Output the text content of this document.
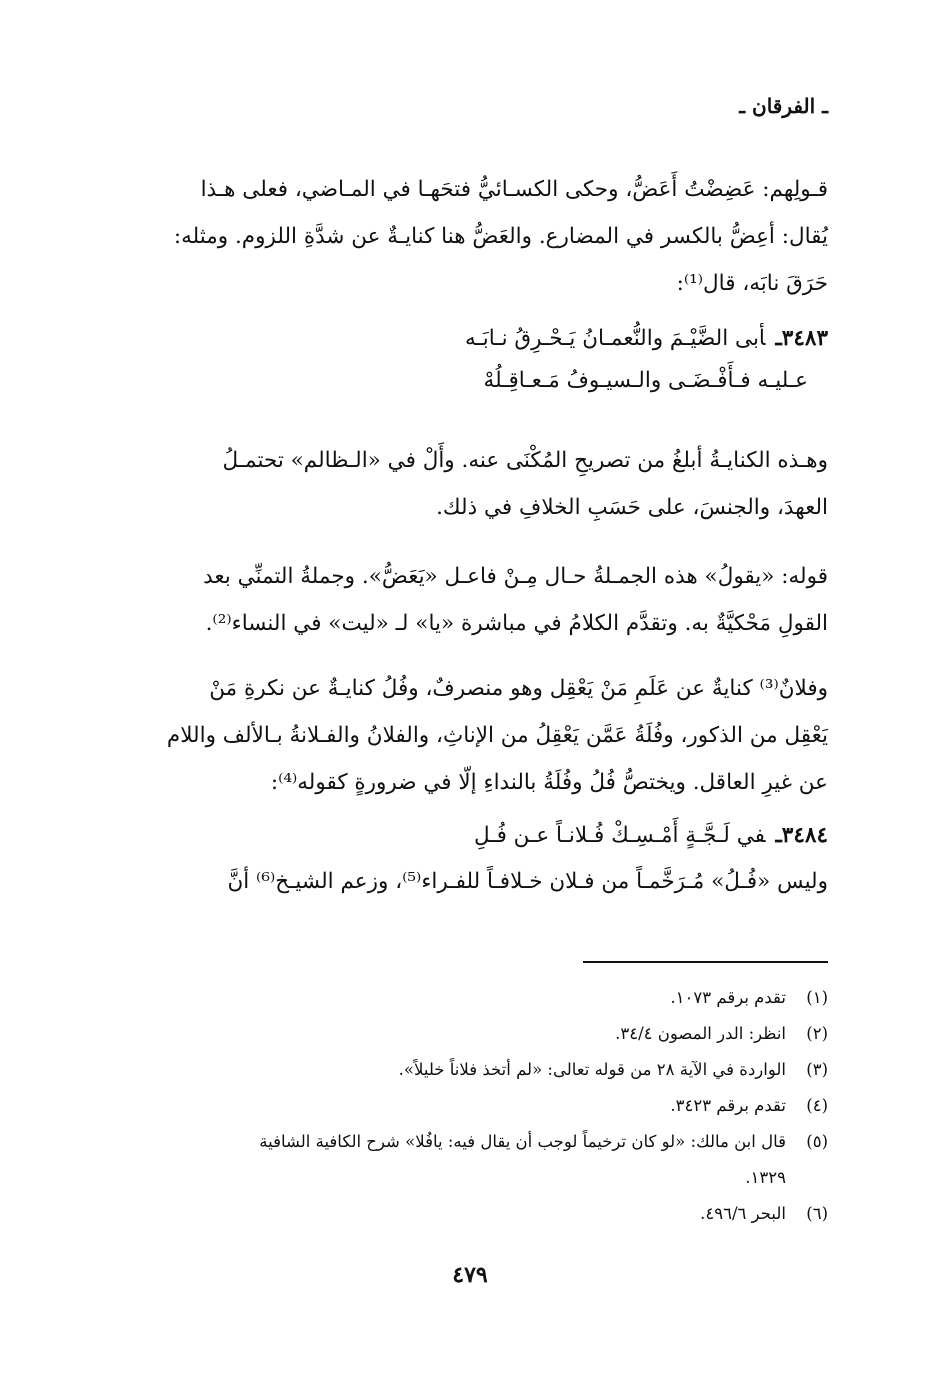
ـ الفرقان ـ
قـولِهم: عَضِضْتُ أَعَضُّ، وحكى الكسـائيُّ فتحَهـا في المـاضي، فعلى هـذا
يُقال: أعِضُّ بالكسر في المضارع. والعَضُّ هنا كنايـةٌ عن شدَّةِ اللزوم. ومثله:
حَرَقَ نابَه، قال⁽¹⁾:
٣٤٨٣ـأبى الضَّيْـمَ والنُّعمـانُ يَـحْـرِقُ نـابَـه
عـليـه فـأَفْـضَـى والـسيـوفُ مَـعـاقِـلُهْ
وهـذه الكنايـةُ أبلغُ من تصريحِ المُكْنَى عنه. وأَلْ في «الـظالم» تحتمـلُ
العهدَ، والجنسَ، على حَسَبِ الخلافِ في ذلك.
قوله: «يقولُ» هذه الجمـلةُ حـال مِـنْ فاعـل «يَعَضُّ». وجملةُ التمنِّي بعد
القولِ مَحْكيَّةٌ به. وتقدَّم الكلامُ في مباشرة «يا» لـ «ليت» في النساء⁽²⁾.
وفلانٌ⁽³⁾ كنايةٌ عن عَلَمِ مَنْ يَعْقِل وهو منصرفٌ، وفُلُ كنايـةٌ عن نكرةِ مَنْ
يَعْقِل من الذكور، وفُلَةُ عَمَّن يَعْقِلُ من الإناثِ، والفلانُ والفـلانةُ بـالألف واللام
عن غيرِ العاقل. ويختصُّ فُلُ وفُلَةُ بالنداءِ إلّا في ضرورةٍ كقوله⁽⁴⁾:
٣٤٨٤ـفي لَـجَّـةٍ أَمْـسِـكْ فُـلانـاً عـن فُـلِ
وليس «فُـلُ» مُـرَخَّمـاً من فـلان خـلافـاً للفـراء⁽⁵⁾، وزعم الشيـخ⁽⁶⁾ أنَّ
(١)تقدم برقم ١٠٧٣.
(٢)انظر: الدر المصون ٣٤/٤.
(٣)الواردة في الآية ٢٨ من قوله تعالى: «لم أتخذ فلاناً خليلاً».
(٤)تقدم برقم ٣٤٢٣.
(٥)قال ابن مالك: «لو كان ترخيماً لوجب أن يقال فيه: يافُلا» شرح الكافية الشافية
١٣٢٩.
(٦)البحر ٤٩٦/٦.
٤٧٩
